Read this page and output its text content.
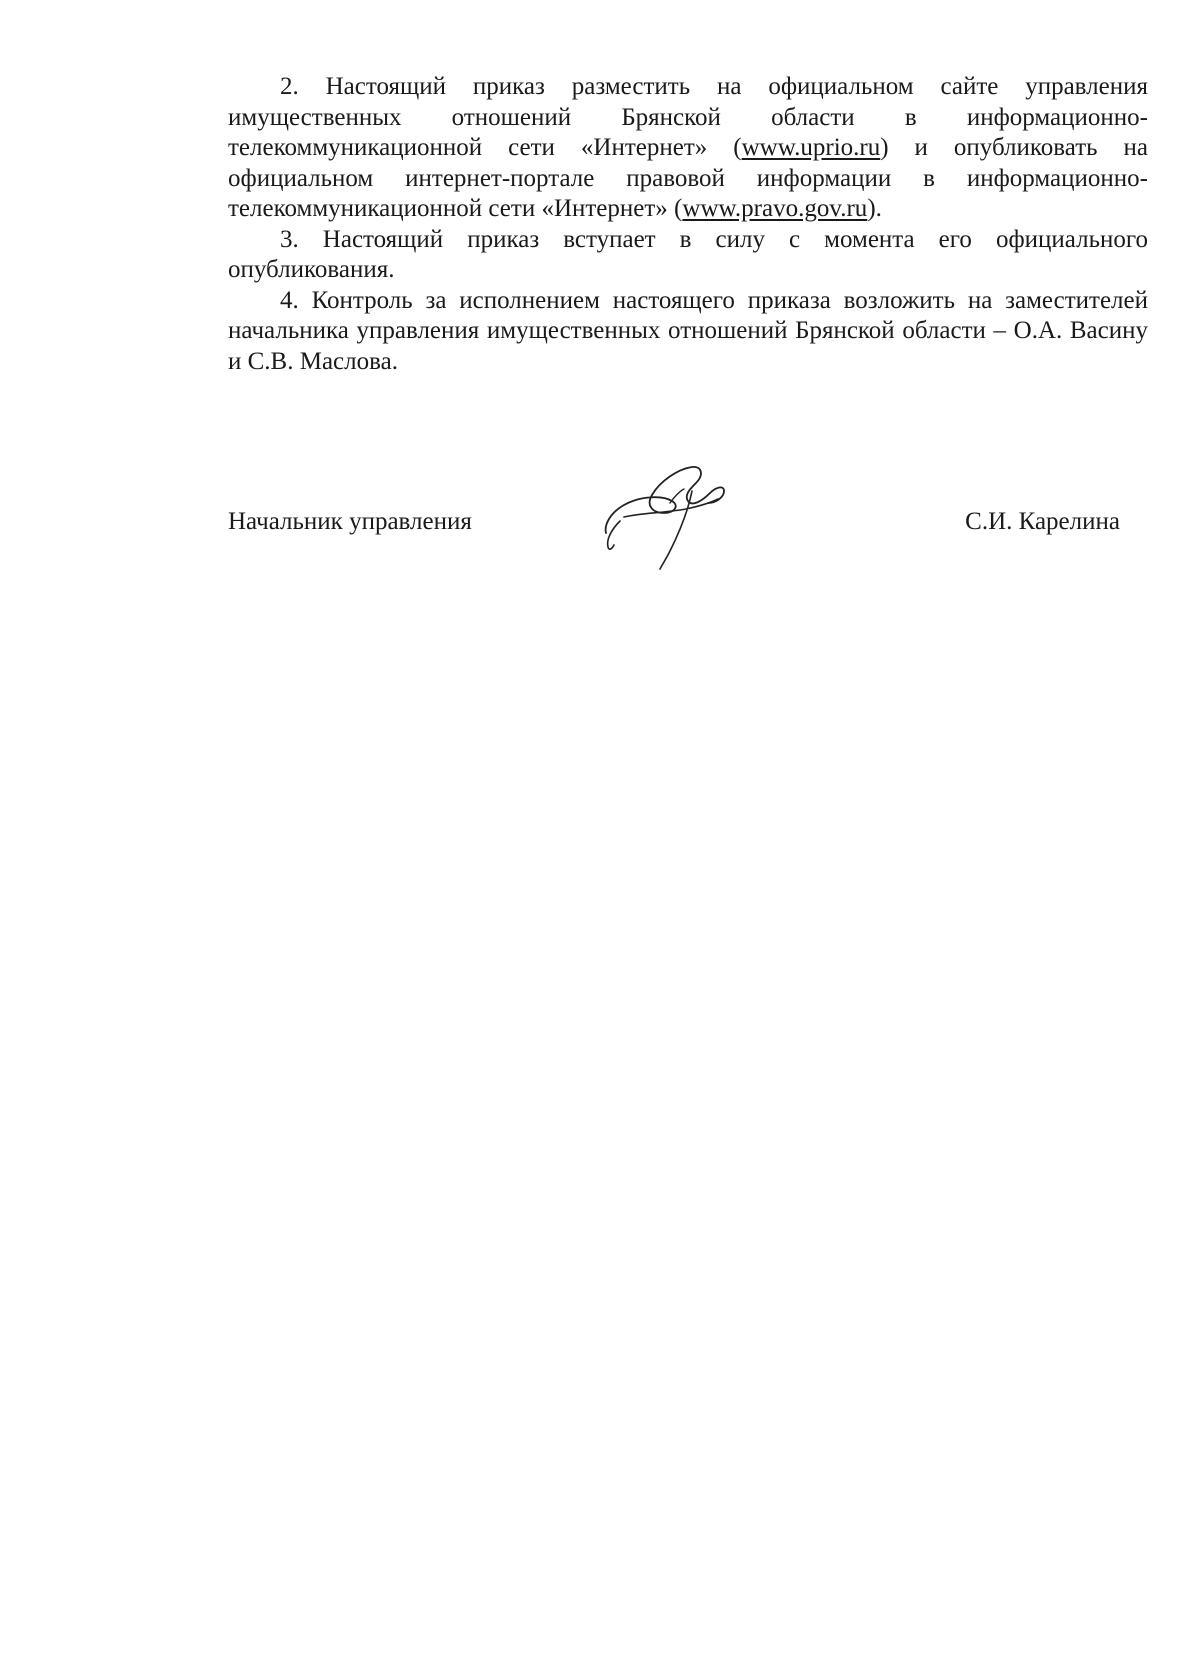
2. Настоящий приказ разместить на официальном сайте управления имущественных отношений Брянской области в информационно-телекоммуникационной сети «Интернет» (www.uprio.ru) и опубликовать на официальном интернет-портале правовой информации в информационно-телекоммуникационной сети «Интернет» (www.pravo.gov.ru).

3. Настоящий приказ вступает в силу с момента его официального опубликования.

4. Контроль за исполнением настоящего приказа возложить на заместителей начальника управления имущественных отношений Брянской области – О.А. Васину и С.В. Маслова.

Начальник управления	С.И. Карелина
